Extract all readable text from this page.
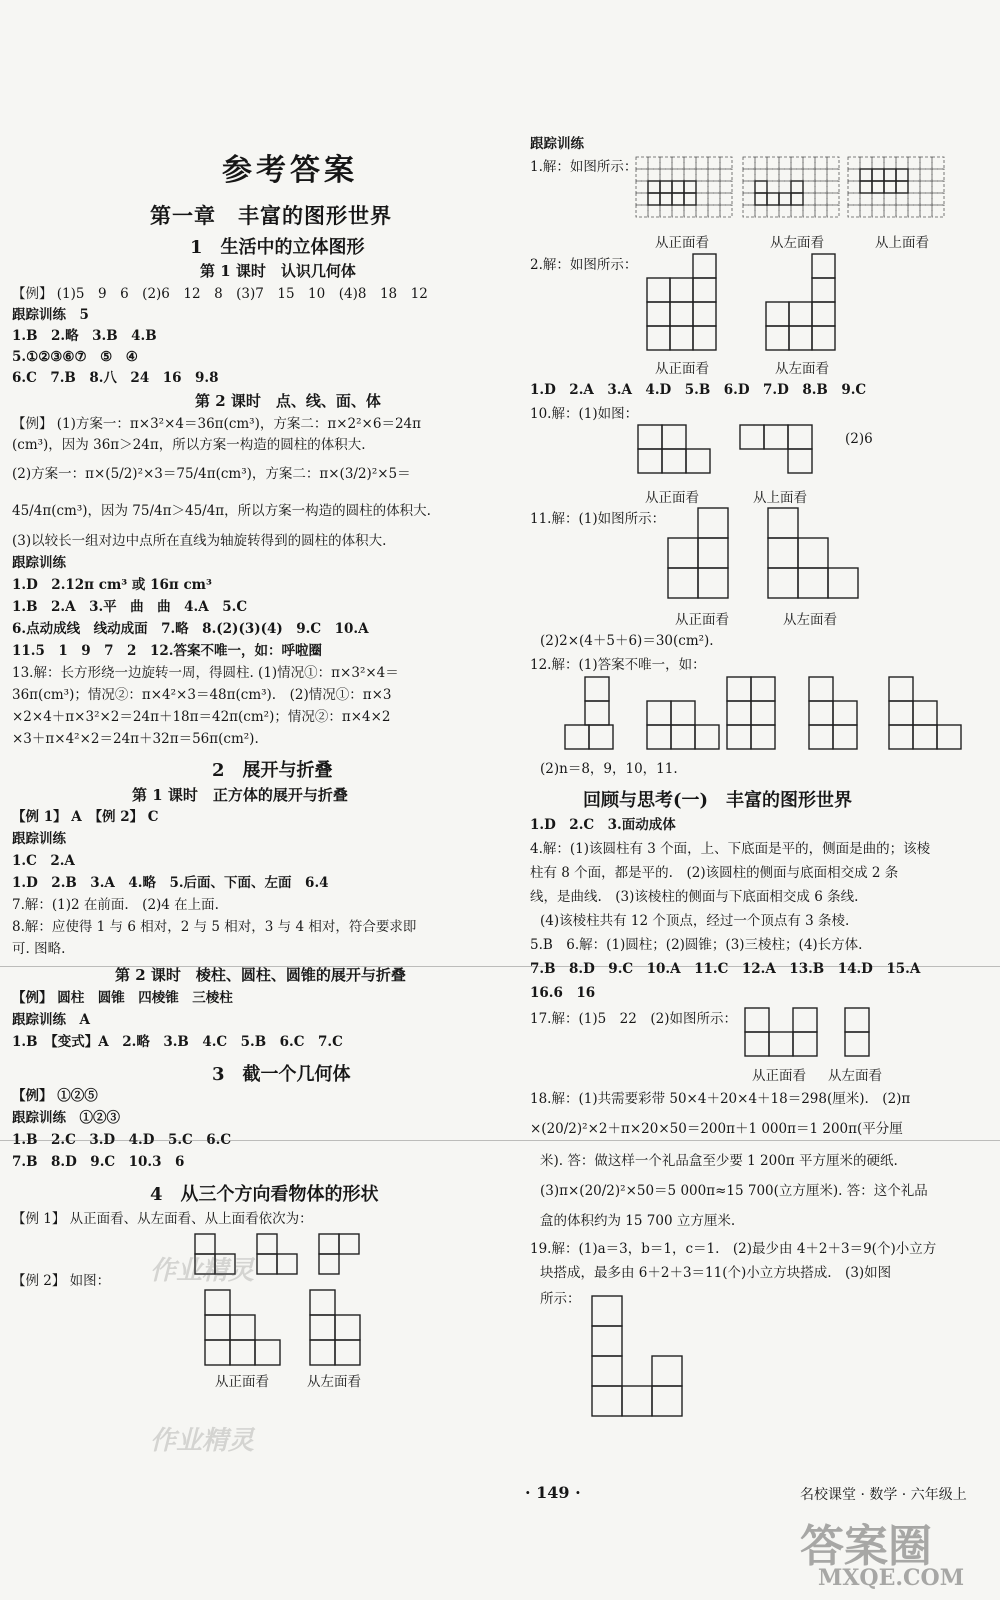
参考答案
第一章　丰富的图形世界
1　生活中的立体图形
第 1 课时　认识几何体
【例】 (1)5　9　6　(2)6　12　8　(3)7　15　10　(4)8　18　12
跟踪训练　5
1.B　2.略　3.B　4.B
5.①②③⑥⑦　⑤　④
6.C　7.B　8.八　24　16　9.8
第 2 课时　点、线、面、体
【例】 (1)方案一：π×3²×4＝36π(cm³)，方案二：π×2²×6＝24π
(cm³)，因为 36π＞24π，所以方案一构造的圆柱的体积大.
(2)方案一：π×(5/2)²×3＝75/4π(cm³)，方案二：π×(3/2)²×5＝
45/4π(cm³)，因为 75/4π＞45/4π，所以方案一构造的圆柱的体积大.
(3)以较长一组对边中点所在直线为轴旋转得到的圆柱的体积大.
跟踪训练
1.D　2.12π cm³ 或 16π cm³
1.B　2.A　3.平　曲　曲　4.A　5.C
6.点动成线　线动成面　7.略　8.(2)(3)(4)　9.C　10.A
11.5　1　9　7　2　12.答案不唯一，如：呼啦圈
13.解：长方形绕一边旋转一周，得圆柱. (1)情况①：π×3²×4＝
36π(cm³)；情况②：π×4²×3＝48π(cm³).　(2)情况①：π×3
×2×4＋π×3²×2＝24π＋18π＝42π(cm²)；情况②：π×4×2
×3＋π×4²×2＝24π＋32π＝56π(cm²).
2　展开与折叠
第 1 课时　正方体的展开与折叠
【例 1】 A　【例 2】 C
跟踪训练
1.C　2.A
1.D　2.B　3.A　4.略　5.后面、下面、左面　6.4
7.解：(1)2 在前面.　(2)4 在上面.
8.解：应使得 1 与 6 相对，2 与 5 相对，3 与 4 相对，符合要求即
可. 图略.
第 2 课时　棱柱、圆柱、圆锥的展开与折叠
【例】 圆柱　圆锥　四棱锥　三棱柱
跟踪训练　A
1.B　【变式】A　2.略　3.B　4.C　5.B　6.C　7.C
3　截一个几何体
【例】 ①②⑤
跟踪训练　①②③
1.B　2.C　3.D　4.D　5.C　6.C
7.B　8.D　9.C　10.3　6
4　从三个方向看物体的形状
【例 1】 从正面看、从左面看、从上面看依次为：
【例 2】 如图：
从正面看	从左面看
跟踪训练
1.解：如图所示：
从正面看	从左面看	从上面看
2.解：如图所示：
从正面看	从左面看
1.D　2.A　3.A　4.D　5.B　6.D　7.D　8.B　9.C
10.解：(1)如图：
(2)6
从正面看	从上面看
11.解：(1)如图所示：
从正面看	从左面看
(2)2×(4＋5＋6)＝30(cm²).
12.解：(1)答案不唯一，如：
(2)n＝8，9，10，11.
回顾与思考(一)　丰富的图形世界
1.D　2.C　3.面动成体
4.解：(1)该圆柱有 3 个面，上、下底面是平的，侧面是曲的；该棱
柱有 8 个面，都是平的.　(2)该圆柱的侧面与底面相交成 2 条
线，是曲线.　(3)该棱柱的侧面与下底面相交成 6 条线.
(4)该棱柱共有 12 个顶点，经过一个顶点有 3 条棱.
5.B　6.解：(1)圆柱；(2)圆锥；(3)三棱柱；(4)长方体.
7.B　8.D　9.C　10.A　11.C　12.A　13.B　14.D　15.A
16.6　16
17.解：(1)5　22　(2)如图所示：
从正面看 从左面看
18.解：(1)共需要彩带 50×4＋20×4＋18＝298(厘米).　(2)π
×(20/2)²×2＋π×20×50＝200π＋1 000π＝1 200π(平分厘
米). 答：做这样一个礼品盒至少要 1 200π 平方厘米的硬纸.
(3)π×(20/2)²×50＝5 000π≈15 700(立方厘米). 答：这个礼品
盒的体积约为 15 700 立方厘米.
19.解：(1)a＝3，b＝1，c＝1.　(2)最少由 4＋2＋3＝9(个)小立方
块搭成，最多由 6＋2＋3＝11(个)小立方块搭成.　(3)如图
所示：
· 149 ·	名校课堂 · 数学 · 六年级上
作业精灵
作业精灵
答案圈
MXQE.COM
